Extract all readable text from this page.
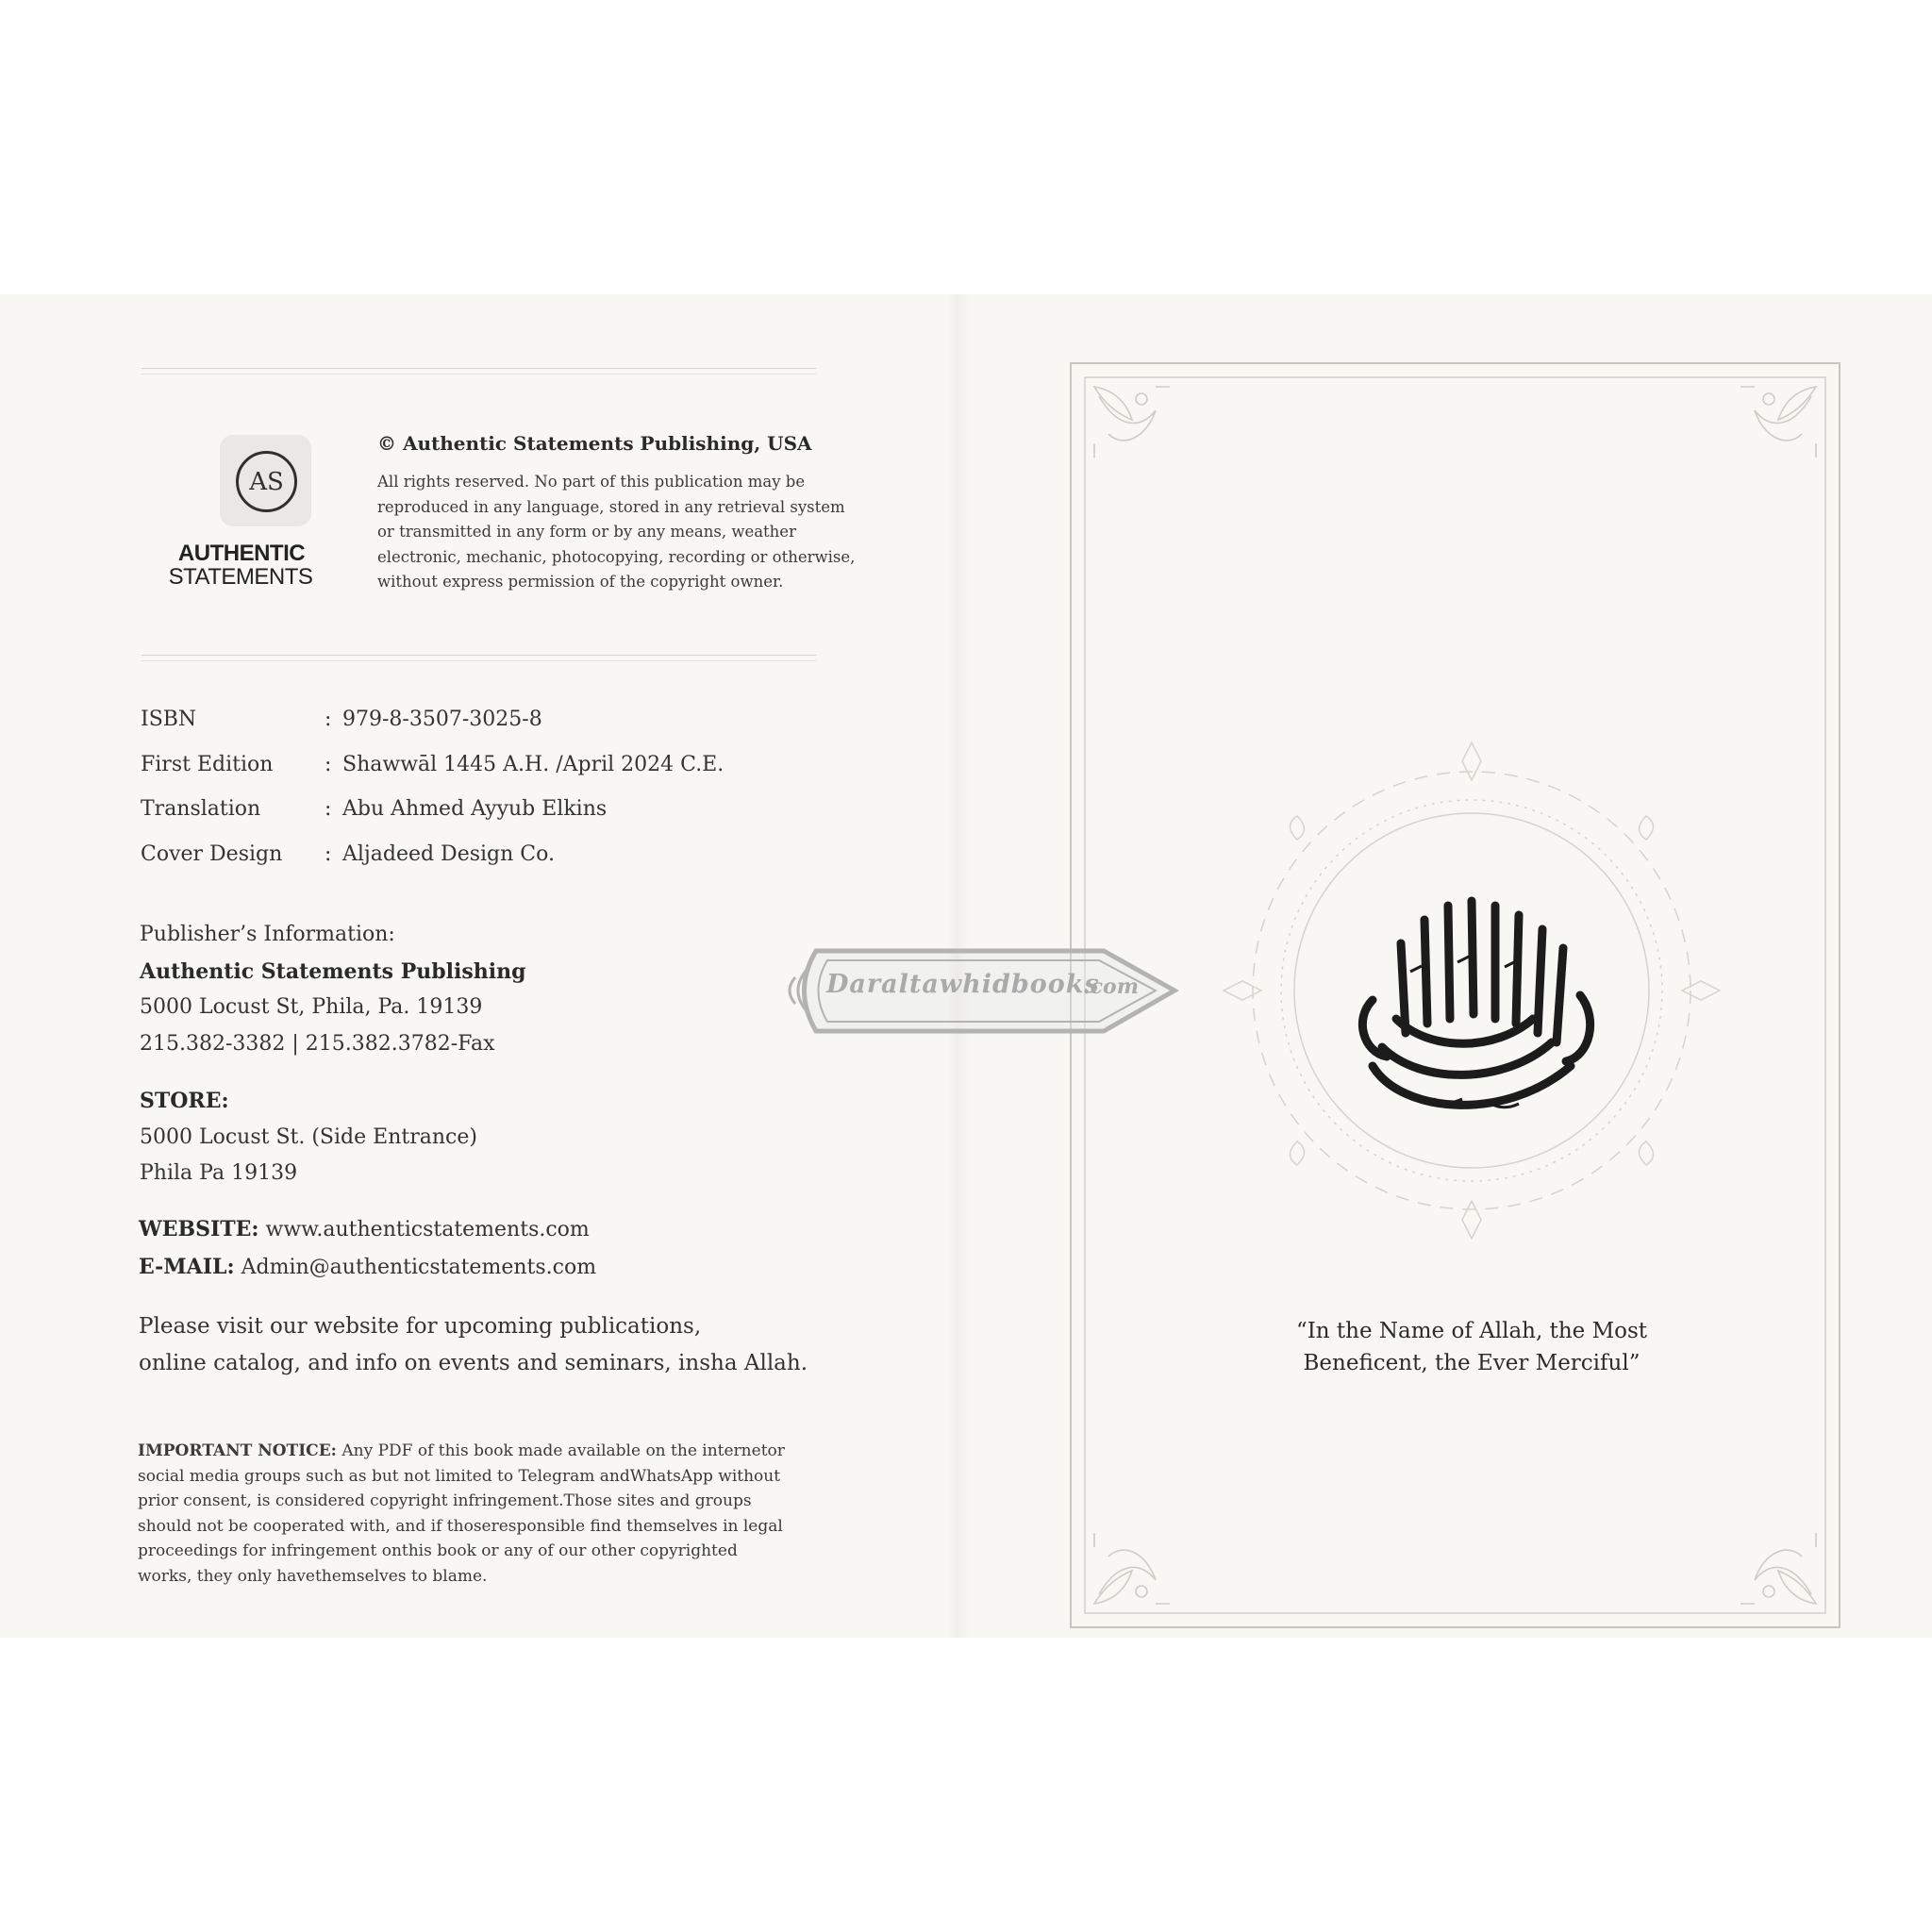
AS
AUTHENTIC
STATEMENTS
© Authentic Statements Publishing, USA

All rights reserved. No part of this publication may be
reproduced in any language, stored in any retrieval system
or transmitted in any form or by any means, weather
electronic, mechanic, photocopying, recording or otherwise,
without express permission of the copyright owner.

ISBN	: 979-8-3507-3025-8
First Edition : Shawwāl 1445 A.H. /April 2024 C.E.
Translation	: Abu Ahmed Ayyub Elkins
Cover Design : Aljadeed Design Co.
Publisher’s Information:
Authentic Statements Publishing
5000 Locust St, Phila, Pa. 19139
215.382-3382 | 215.382.3782-Fax
STORE:
5000 Locust St. (Side Entrance)
Phila Pa 19139
WEBSITE: www.authenticstatements.com
E-MAIL: Admin@authenticstatements.com
Please visit our website for upcoming publications,
online catalog, and info on events and seminars, insha Allah.
IMPORTANT NOTICE: Any PDF of this book made available on the internetor
social media groups such as but not limited to Telegram andWhatsApp without
prior consent, is considered copyright infringement.Those sites and groups
should not be cooperated with, and if thoseresponsible find themselves in legal
proceedings for infringement onthis book or any of our other copyrighted
works, they only havethemselves to blame.
بسم الله الرحمن الرحيم
“In the Name of Allah, the Most
Beneficent, the Ever Merciful”
Daraltawhidbooks
.com
